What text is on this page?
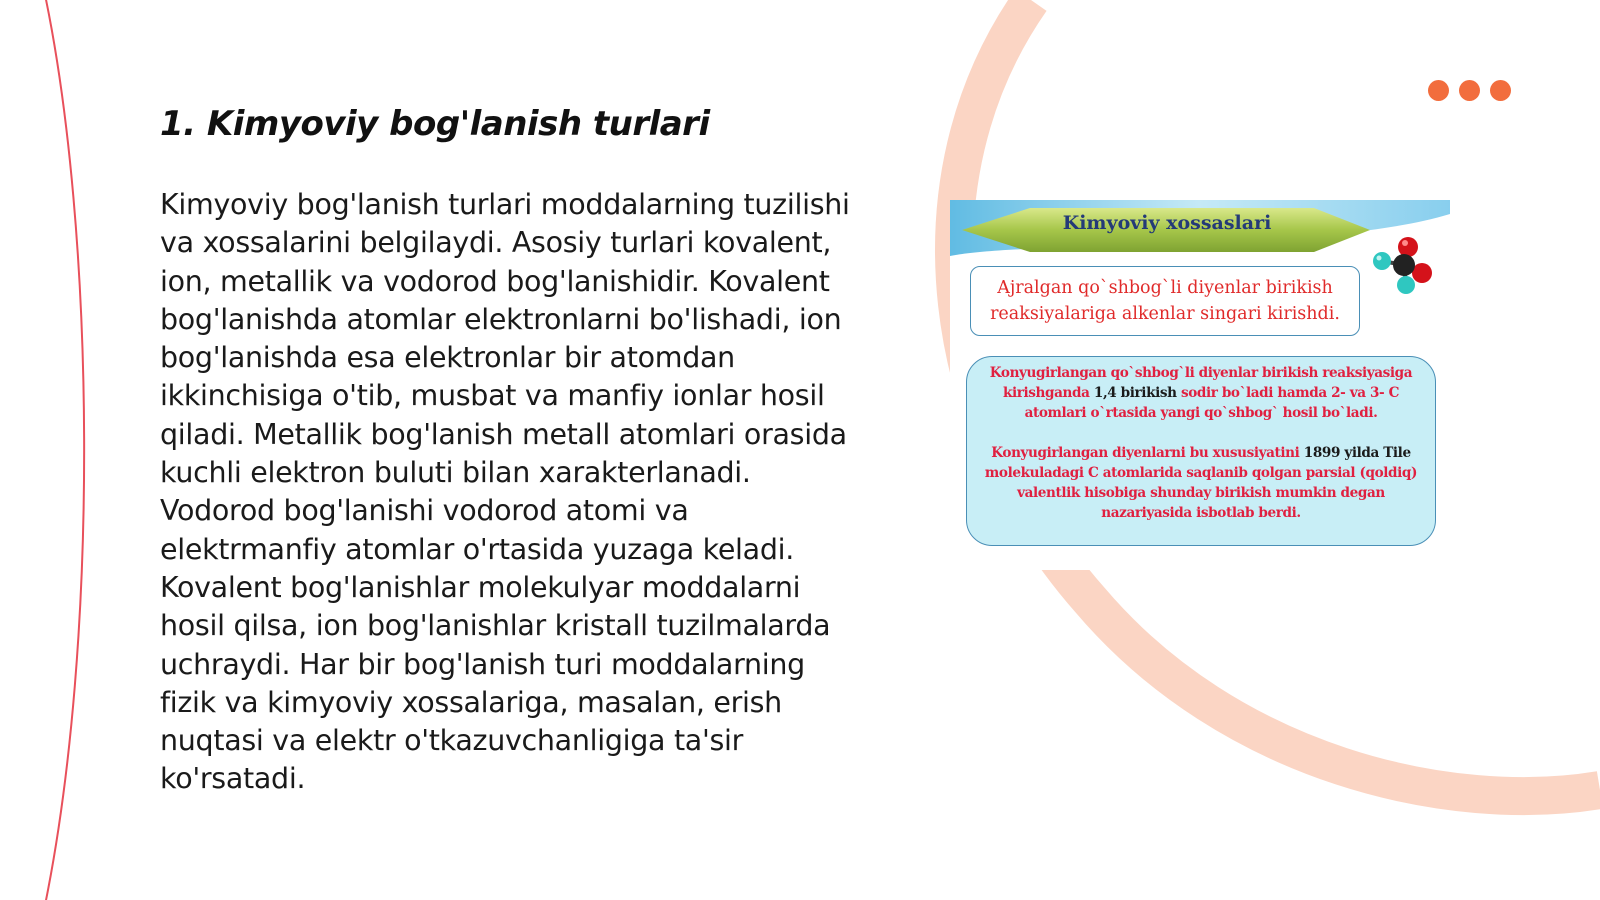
1. Kimyoviy bog'lanish turlari

Kimyoviy bog'lanish turlari moddalarning tuzilishi va xossalarini belgilaydi. Asosiy turlari kovalent, ion, metallik va vodorod bog'lanishidir. Kovalent bog'lanishda atomlar elektronlarni bo'lishadi, ion bog'lanishda esa elektronlar bir atomdan ikkinchisiga o'tib, musbat va manfiy ionlar hosil qiladi. Metallik bog'lanish metall atomlari orasida kuchli elektron buluti bilan xarakterlanadi. Vodorod bog'lanishi vodorod atomi va elektrmanfiy atomlar o'rtasida yuzaga keladi. Kovalent bog'lanishlar molekulyar moddalarni hosil qilsa, ion bog'lanishlar kristall tuzilmalarda uchraydi. Har bir bog'lanish turi moddalarning fizik va kimyoviy xossalariga, masalan, erish nuqtasi va elektr o'tkazuvchanligiga ta'sir ko'rsatadi.

Kimyoviy xossaslari
Ajralgan qo`shbog`li diyenlar birikish reaksiyalariga alkenlar singari kirishdi.

Konyugirlangan qo`shbog`li diyenlar birikish reaksiyasiga kirishganda 1,4 birikish sodir bo`ladi hamda 2- va 3- C atomlari o`rtasida yangi qo`shbog` hosil bo`ladi.

Konyugirlangan diyenlarni bu xususiyatini 1899 yilda Tile molekuladagi C atomlarida saqlanib qolgan parsial (qoldiq) valentlik hisobiga shunday birikish mumkin degan nazariyasida isbotlab berdi.
